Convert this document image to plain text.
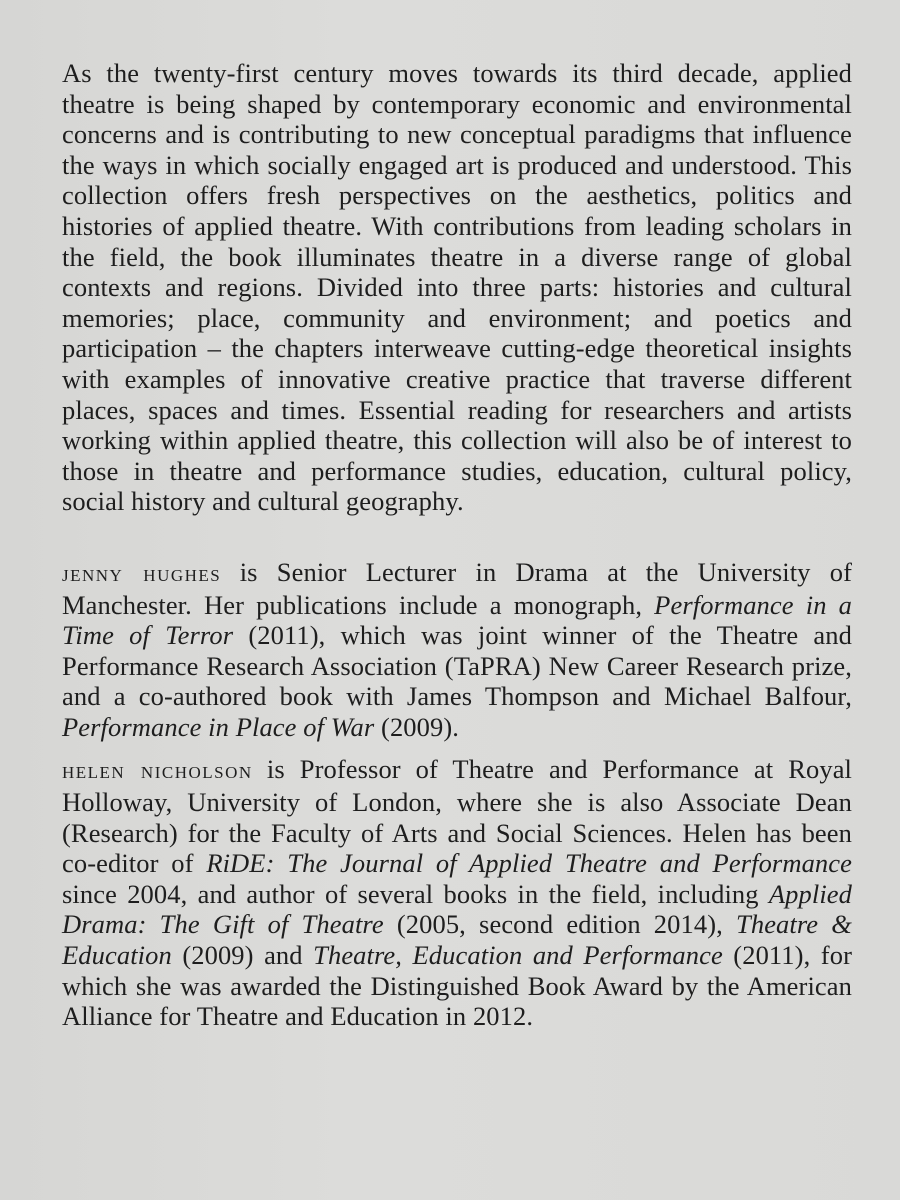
As the twenty-first century moves towards its third decade, applied theatre is being shaped by contemporary economic and environmental concerns and is contributing to new conceptual paradigms that influence the ways in which socially engaged art is produced and understood. This collection offers fresh perspectives on the aesthetics, politics and histories of applied theatre. With contributions from leading scholars in the field, the book illuminates theatre in a diverse range of global contexts and regions. Divided into three parts: histories and cultural memories; place, community and environment; and poetics and participation – the chapters interweave cutting-edge theoretical insights with examples of innovative creative practice that traverse different places, spaces and times. Essential reading for researchers and artists working within applied theatre, this collection will also be of interest to those in theatre and performance studies, education, cultural policy, social history and cultural geography.

jenny hughes is Senior Lecturer in Drama at the University of Manchester. Her publications include a monograph, Performance in a Time of Terror (2011), which was joint winner of the Theatre and Performance Research Association (TaPRA) New Career Research prize, and a co-authored book with James Thompson and Michael Balfour, Performance in Place of War (2009).

helen nicholson is Professor of Theatre and Performance at Royal Holloway, University of London, where she is also Associate Dean (Research) for the Faculty of Arts and Social Sciences. Helen has been co-editor of RiDE: The Journal of Applied Theatre and Performance since 2004, and author of several books in the field, including Applied Drama: The Gift of Theatre (2005, second edition 2014), Theatre & Education (2009) and Theatre, Education and Performance (2011), for which she was awarded the Distinguished Book Award by the American Alliance for Theatre and Education in 2012.
